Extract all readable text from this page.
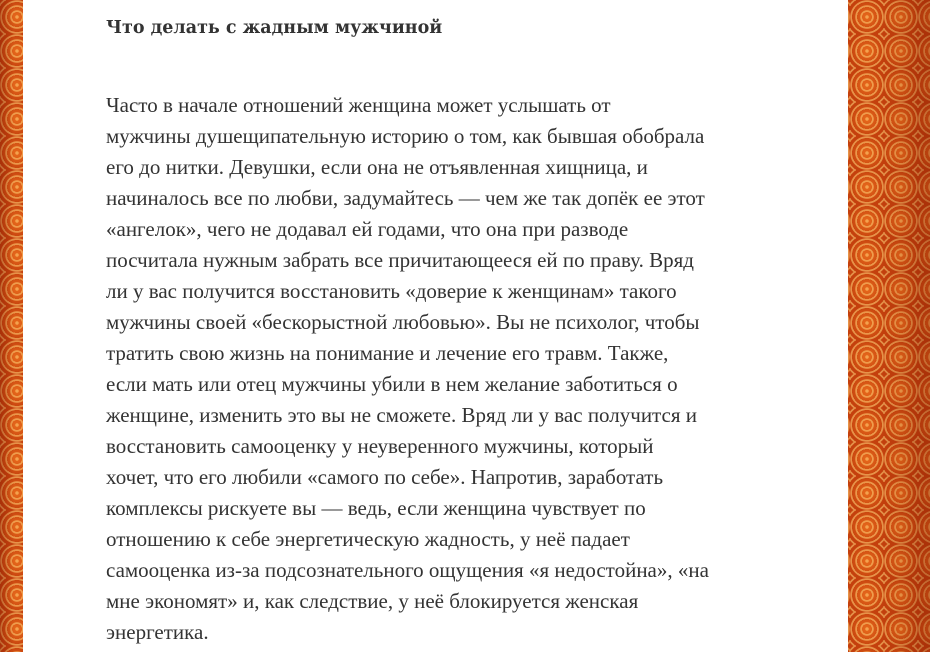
Что делать с жадным мужчиной

Часто в начале отношений женщина может услышать от
мужчины душещипательную историю о том, как бывшая обобрала
его до нитки. Девушки, если она не отъявленная хищница, и
начиналось все по любви, задумайтесь — чем же так допёк ее этот
«ангелок», чего не додавал ей годами, что она при разводе
посчитала нужным забрать все причитающееся ей по праву. Вряд
ли у вас получится восстановить «доверие к женщинам» такого
мужчины своей «бескорыстной любовью». Вы не психолог, чтобы
тратить свою жизнь на понимание и лечение его травм. Также,
если мать или отец мужчины убили в нем желание заботиться о
женщине, изменить это вы не сможете. Вряд ли у вас получится и
восстановить самооценку у неуверенного мужчины, который
хочет, что его любили «самого по себе». Напротив, заработать
комплексы рискуете вы — ведь, если женщина чувствует по
отношению к себе энергетическую жадность, у неё падает
самооценка из-за подсознательного ощущения «я недостойна», «на
мне экономят» и, как следствие, у неё блокируется женская
энергетика.
